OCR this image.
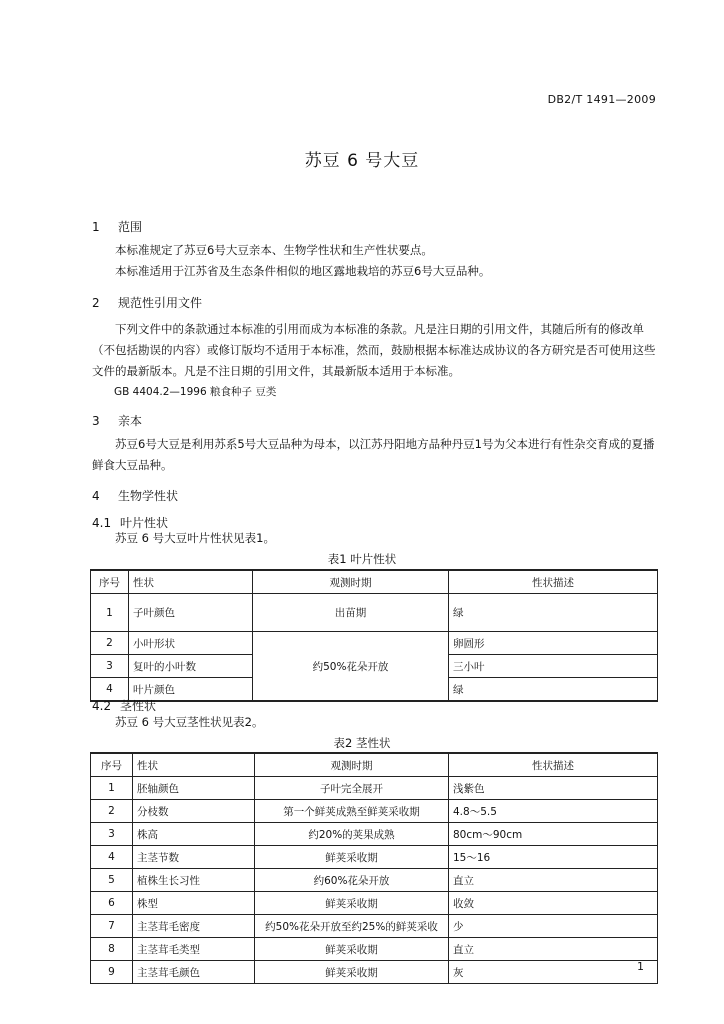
DB2/T 1491—2009
苏豆 6 号大豆
1 范围

本标准规定了苏豆6号大豆亲本、生物学性状和生产性状要点。

本标准适用于江苏省及生态条件相似的地区露地栽培的苏豆6号大豆品种。

2 规范性引用文件

下列文件中的条款通过本标准的引用而成为本标准的条款。凡是注日期的引用文件，其随后所有的修改单（不包括勘误的内容）或修订版均不适用于本标准，然而，鼓励根据本标准达成协议的各方研究是否可使用这些文件的最新版本。凡是不注日期的引用文件，其最新版本适用于本标准。

GB 4404.2—1996 粮食种子 豆类

3 亲本

苏豆6号大豆是利用苏系5号大豆品种为母本，以江苏丹阳地方品种丹豆1号为父本进行有性杂交育成的夏播鲜食大豆品种。

4 生物学性状
4.1 叶片性状

苏豆 6 号大豆叶片性状见表1。

表1 叶片性状
序号	性状	观测时期	性状描述
1	子叶颜色	出苗期	绿
2	小叶形状	约50%花朵开放	卵圆形
3	复叶的小叶数		三小叶
4	叶片颜色		绿
4.2 茎性状

苏豆 6 号大豆茎性状见表2。

表2 茎性状
序号	性状	观测时期	性状描述
1	胚轴颜色	子叶完全展开	浅紫色
2	分枝数	第一个鲜荚成熟至鲜荚采收期	4.8～5.5
3	株高	约20%的荚果成熟	80cm～90cm
4	主茎节数	鲜荚采收期	15～16
5	植株生长习性	约60%花朵开放	直立
6	株型	鲜荚采收期	收敛
7	主茎茸毛密度	约50%花朵开放至约25%的鲜荚采收	少
8	主茎茸毛类型	鲜荚采收期	直立
9	主茎茸毛颜色	鲜荚采收期	灰	1
